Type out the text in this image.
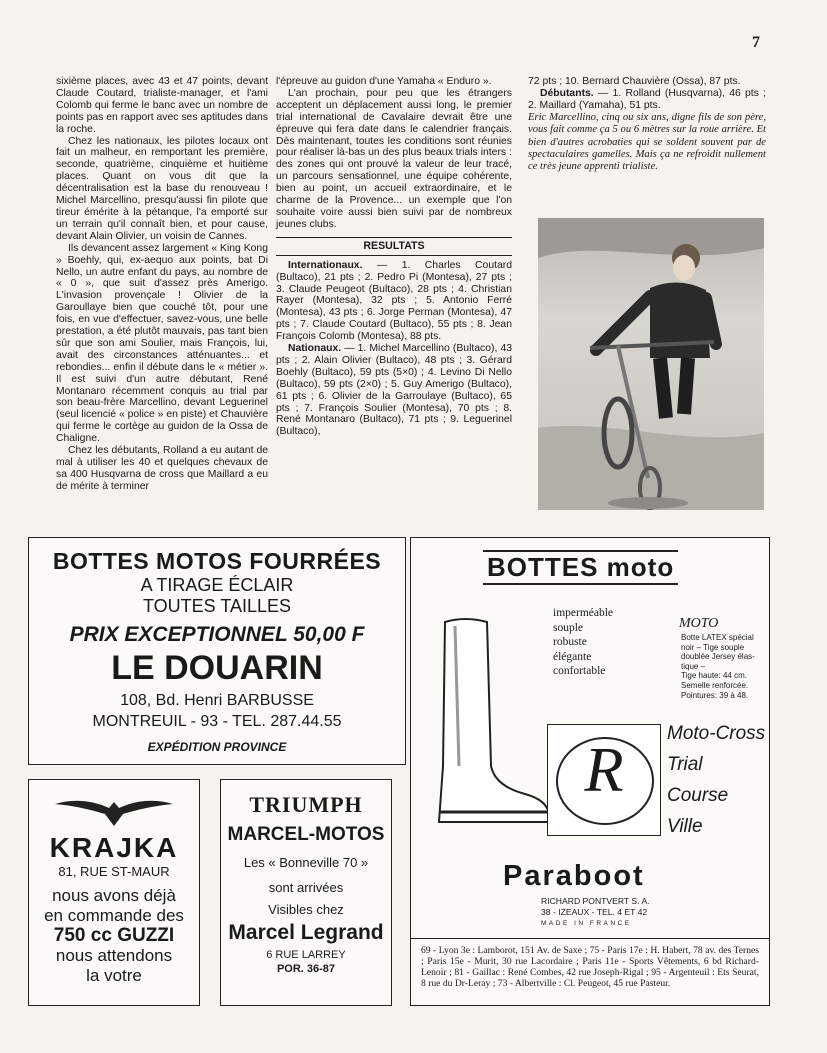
7

sixième places, avec 43 et 47 points, devant Claude Coutard, trialiste-manager, et l'ami Colomb qui ferme le banc avec un nombre de points pas en rapport avec ses aptitudes dans la roche.

Chez les nationaux, les pilotes locaux ont fait un malheur, en remportant les première, seconde, quatrième, cinquième et huitième places. Quant on vous dit que la décentralisation est la base du renouveau ! Michel Marcellino, presqu'aussi fin pilote que tireur émérite à la pétanque, l'a emporté sur un terrain qu'il connaît bien, et pour cause, devant Alain Olivier, un voisin de Cannes.

Ils devancent assez largement « King Kong » Boehly, qui, ex-aequo aux points, bat Di Nello, un autre enfant du pays, au nombre de « 0 », que suit d'assez près Amerigo. L'invasion provençale ! Olivier de la Garoullaye bien que couché tôt, pour une fois, en vue d'effectuer, savez-vous, une belle prestation, a été plutôt mauvais, pas tant bien sûr que son ami Soulier, mais François, lui, avait des circonstances atténuantes... et rebondies... enfin il débute dans le « métier ». Il est suivi d'un autre débutant, René Montanaro récemment conquis au trial par son beau-frère Marcellino, devant Leguerinel (seul licencié « police » en piste) et Chauvière qui ferme le cortège au guidon de la Ossa de Chaligne.

Chez les débutants, Rolland a eu autant de mal à utiliser les 40 et quelques chevaux de sa 400 Husqvarna de cross que Maillard a eu de mérite à terminer

l'épreuve au guidon d'une Yamaha « Enduro ».

L'an prochain, pour peu que les étrangers acceptent un déplacement aussi long, le premier trial international de Cavalaire devrait être une épreuve qui fera date dans le calendrier français. Dès maintenant, toutes les conditions sont réunies pour réaliser là-bas un des plus beaux trials inters : des zones qui ont prouvé la valeur de leur tracé, un parcours sensationnel, une équipe cohérente, bien au point, un accueil extraordinaire, et le charme de la Provence... un exemple que l'on souhaite voire aussi bien suivi par de nombreux jeunes clubs.

RESULTATS

Internationaux. — 1. Charles Coutard (Bultaco), 21 pts ; 2. Pedro Pi (Montesa), 27 pts ; 3. Claude Peugeot (Bultaco), 28 pts ; 4. Christian Rayer (Montesa), 32 pts ; 5. Antonio Ferré (Montesa), 43 pts ; 6. Jorge Perman (Montesa), 47 pts ; 7. Claude Coutard (Bultaco), 55 pts ; 8. Jean François Colomb (Montesa), 88 pts.

Nationaux. — 1. Michel Marcellino (Bultaco), 43 pts ; 2. Alain Olivier (Bultaco), 48 pts ; 3. Gérard Boehly (Bultaco), 59 pts (5×0) ; 4. Levino Di Nello (Bultaco), 59 pts (2×0) ; 5. Guy Amerigo (Bultaco), 61 pts ; 6. Olivier de la Garroulaye (Bultaco), 65 pts ; 7. François Soulier (Montesa), 70 pts ; 8. René Montanaro (Bultaco), 71 pts ; 9. Leguerinel (Bultaco),

72 pts ; 10. Bernard Chauvière (Ossa), 87 pts.

Débutants. — 1. Rolland (Husqvarna), 46 pts ; 2. Maillard (Yamaha), 51 pts.

Eric Marcellino, cinq ou six ans, digne fils de son père, vous fait comme ça 5 ou 6 mètres sur la roue arrière. Et bien d'autres acrobaties qui se soldent souvent par de spectaculaires gamelles. Mais ça ne refroidit nullement ce très jeune apprenti trialiste.

BOTTES MOTOS FOURRÉES
A TIRAGE ÉCLAIR
TOUTES TAILLES
PRIX EXCEPTIONNEL 50,00 F
LE DOUARIN
108, Bd. Henri BARBUSSE
MONTREUIL - 93 - TEL. 287.44.55
EXPÉDITION PROVINCE
BOTTES moto
imperméable
souple
robuste
élégante
confortable
MOTO
Botte LATEX spécial
noir – Tige souple
doublée Jersey élas-
tique –
Tige haute: 44 cm.
Semelle renforcée.
Pointures: 39 à 48.
R
Moto-Cross
Trial
Course
Ville
Paraboot
RICHARD PONTVERT S. A.
38 - IZEAUX - TEL. 4 ET 42
MADE IN FRANCE
69 - Lyon 3e : Lamborot, 151 Av. de Saxe ; 75 - Paris 17e : H. Habert, 78 av. des Ternes ; Paris 15e - Murit, 30 rue Lacordaire ; Paris 11e - Sports Vêtements, 6 bd Richard-Lenoir ; 81 - Gaillac : René Combes, 42 rue Joseph-Rigal ; 95 - Argenteuil : Ets Seurat, 8 rue du Dr-Leray ; 73 - Albertville : Cl. Peugeot, 45 rue Pasteur.
KRAJKA
81, RUE ST-MAUR
nous avons déjà
en commande des
750 cc GUZZI
nous attendons
la votre
TRIUMPH
MARCEL-MOTOS
Les « Bonneville 70 »
sont arrivées
Visibles chez
Marcel Legrand
6 RUE LARREY
POR. 36-87
